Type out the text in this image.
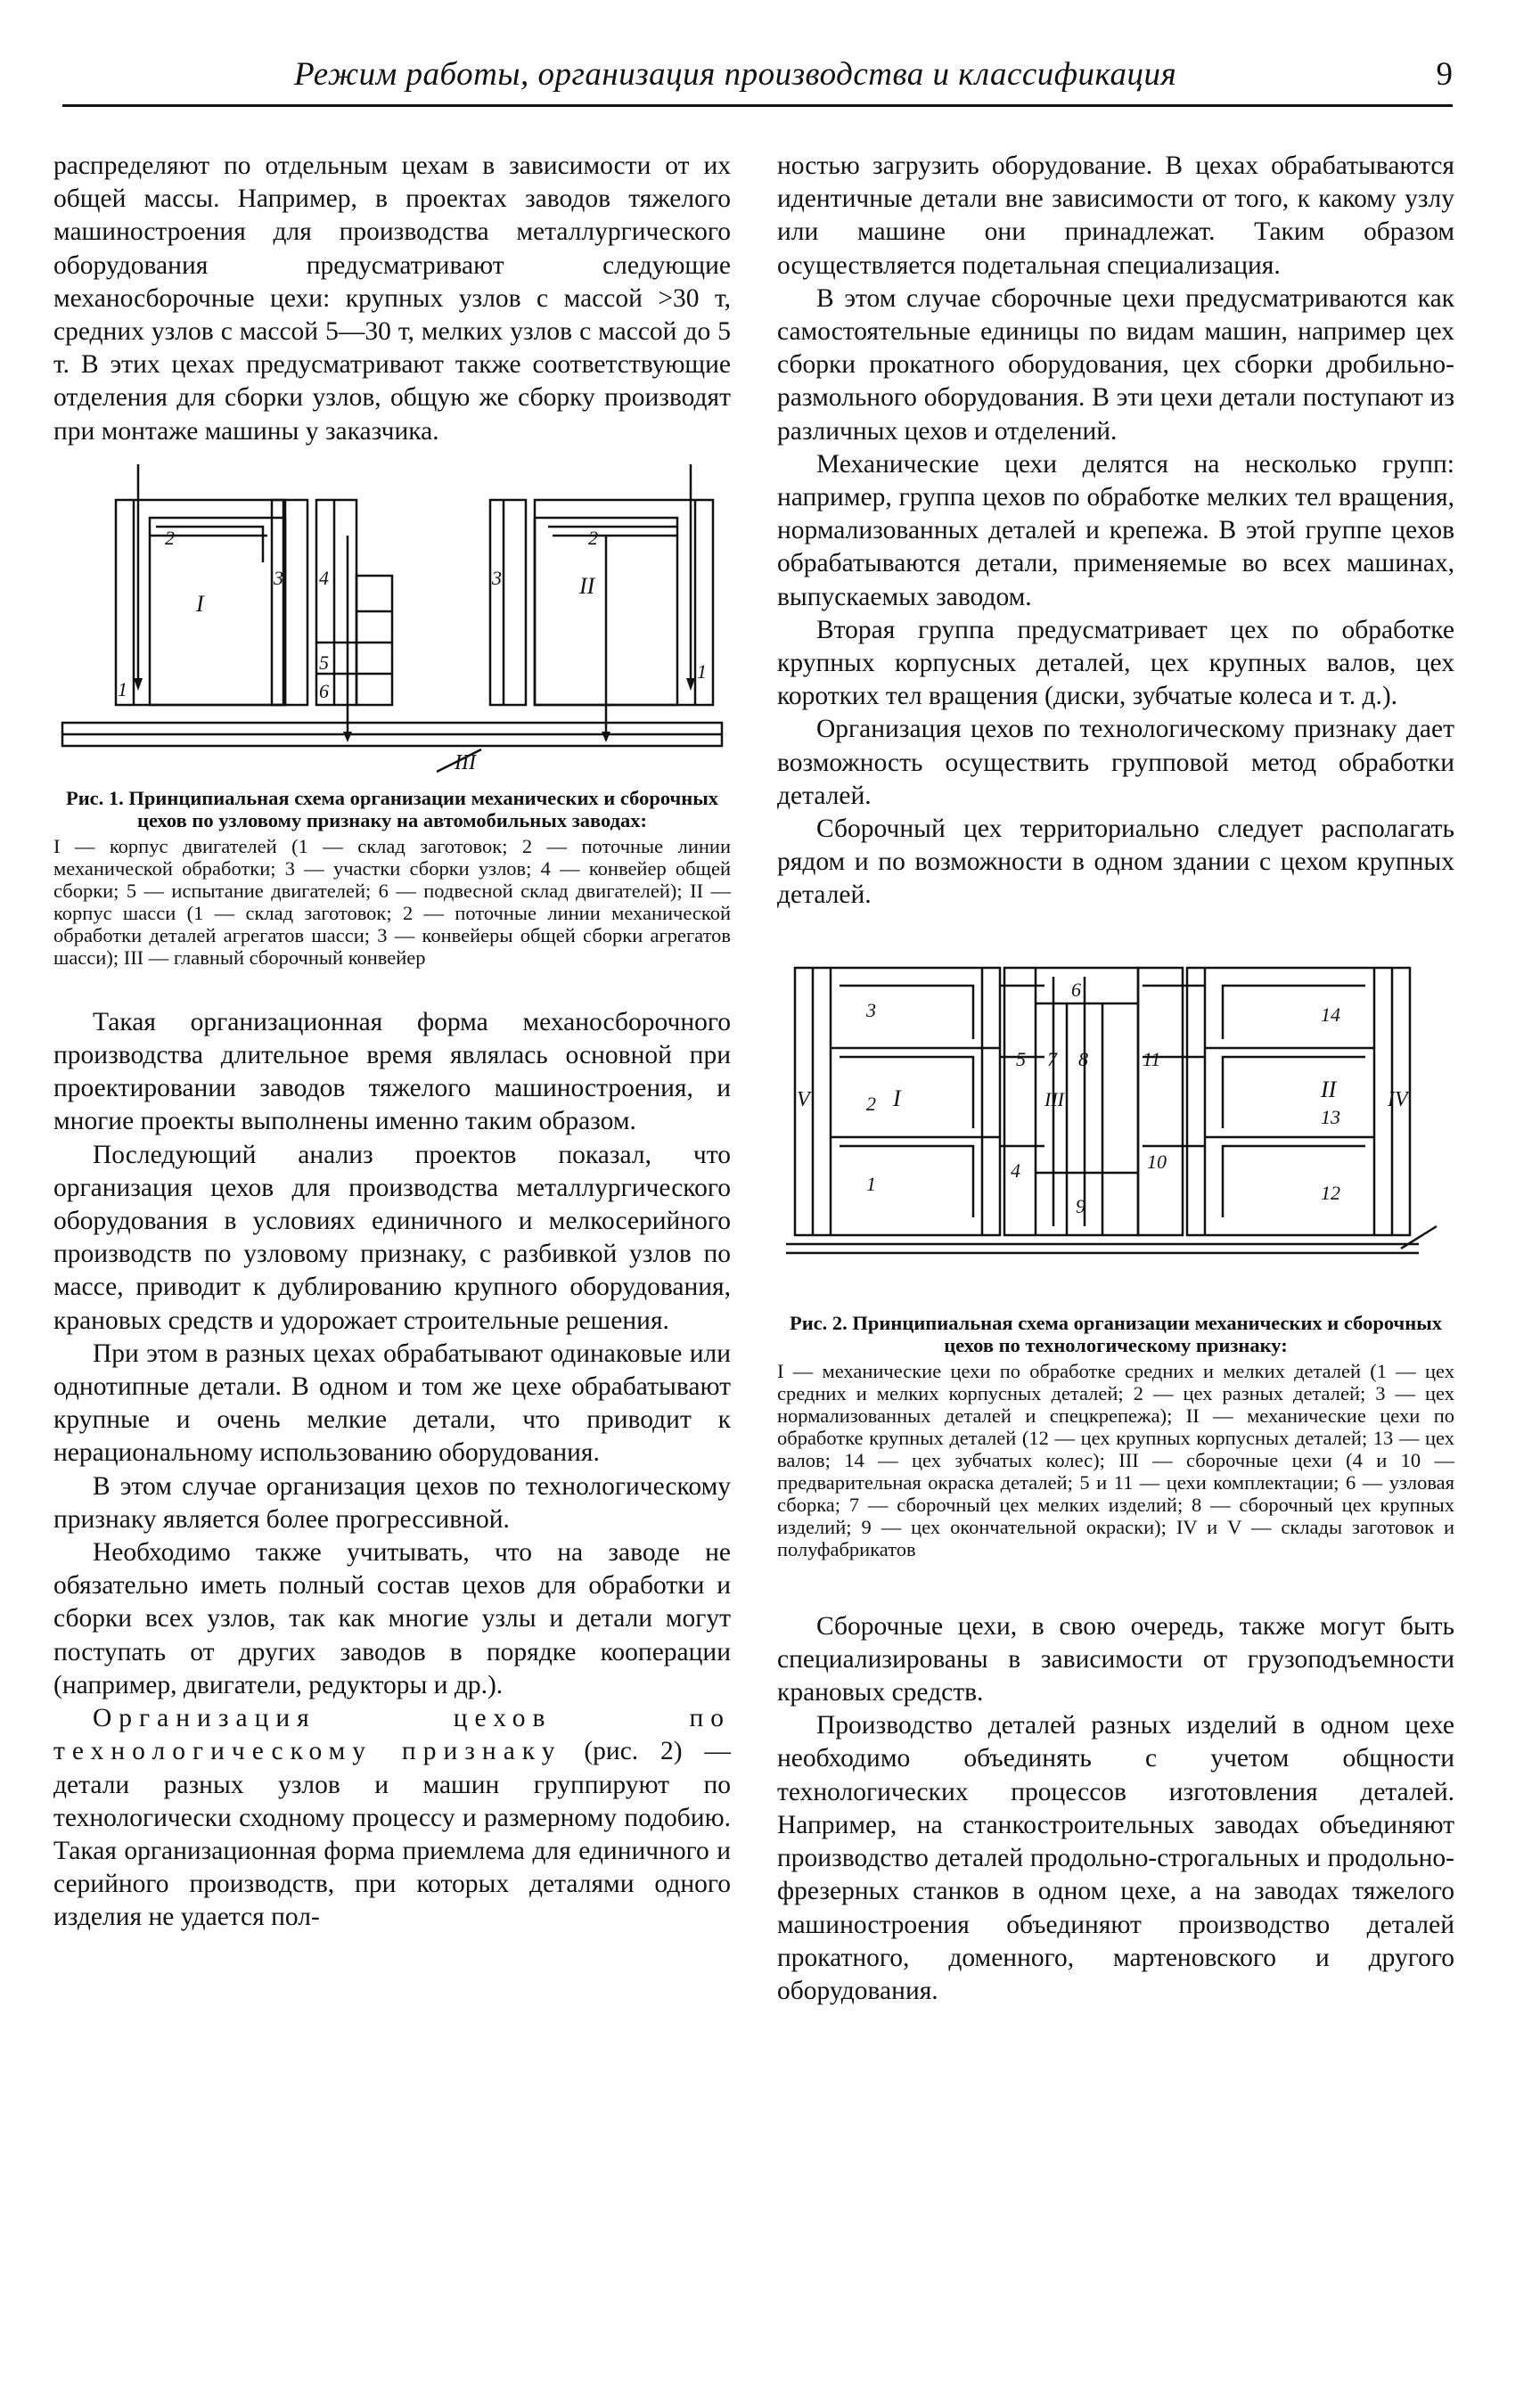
Режим работы, организация производства и классификация	9

распределяют по отдельным цехам в зависимости от их общей массы. Например, в проектах заводов тяжелого машиностроения для производства металлургического оборудования предусматривают следующие механосборочные цехи: крупных узлов с массой >30 т, средних узлов с массой 5—30 т, мелких узлов с массой до 5 т. В этих цехах предусматривают также соответствующие отделения для сборки узлов, общую же сборку производят при монтаже машины у заказчика.

2
3 4
I
5
6
1
3
2
II
1
III
Рис. 1. Принципиальная схема организации механических и сборочных цехов по узловому признаку на автомобильных заводах:
I — корпус двигателей (1 — склад заготовок; 2 — поточные линии механической обработки; 3 — участки сборки узлов; 4 — конвейер общей сборки; 5 — испытание двигателей; 6 — подвесной склад двигателей); II — корпус шасси (1 — склад заготовок; 2 — поточные линии механической обработки деталей агрегатов шасси; 3 — конвейеры общей сборки агрегатов шасси); III — главный сборочный конвейер

Такая организационная форма механосборочного производства длительное время являлась основной при проектировании заводов тяжелого машиностроения, и многие проекты выполнены именно таким образом.

Последующий анализ проектов показал, что организация цехов для производства металлургического оборудования в условиях единичного и мелкосерийного производств по узловому признаку, с разбивкой узлов по массе, приводит к дублированию крупного оборудования, крановых средств и удорожает строительные решения.

При этом в разных цехах обрабатывают одинаковые или однотипные детали. В одном и том же цехе обрабатывают крупные и очень мелкие детали, что приводит к нерациональному использованию оборудования.

В этом случае организация цехов по технологическому признаку является более прогрессивной.

Необходимо также учитывать, что на заводе не обязательно иметь полный состав цехов для обработки и сборки всех узлов, так как многие узлы и детали могут поступать от других заводов в порядке кооперации (например, двигатели, редукторы и др.).

Организация цехов по технологическому признаку (рис. 2) — детали разных узлов и машин группируют по технологически сходному процессу и размерному подобию. Такая организационная форма приемлема для единичного и серийного производств, при которых деталями одного изделия не удается пол-

ностью загрузить оборудование. В цехах обрабатываются идентичные детали вне зависимости от того, к какому узлу или машине они принадлежат. Таким образом осуществляется подетальная специализация.

В этом случае сборочные цехи предусматриваются как самостоятельные единицы по видам машин, например цех сборки прокатного оборудования, цех сборки дробильно-размольного оборудования. В эти цехи детали поступают из различных цехов и отделений.

Механические цехи делятся на несколько групп: например, группа цехов по обработке мелких тел вращения, нормализованных деталей и крепежа. В этой группе цехов обрабатываются детали, применяемые во всех машинах, выпускаемых заводом.

Вторая группа предусматривает цех по обработке крупных корпусных деталей, цех крупных валов, цех коротких тел вращения (диски, зубчатые колеса и т. д.).

Организация цехов по технологическому признаку дает возможность осуществить групповой метод обработки деталей.

Сборочный цех территориально следует располагать рядом и по возможности в одном здании с цехом крупных деталей.

3
V	I
2
1
6
5 7 8
III
11
4	10
9
14
II
13
12
IV
Рис. 2. Принципиальная схема организации механических и сборочных цехов по технологическому признаку:
I — механические цехи по обработке средних и мелких деталей (1 — цех средних и мелких корпусных деталей; 2 — цех разных деталей; 3 — цех нормализованных деталей и спецкрепежа); II — механические цехи по обработке крупных деталей (12 — цех крупных корпусных деталей; 13 — цех валов; 14 — цех зубчатых колес); III — сборочные цехи (4 и 10 — предварительная окраска деталей; 5 и 11 — цехи комплектации; 6 — узловая сборка; 7 — сборочный цех мелких изделий; 8 — сборочный цех крупных изделий; 9 — цех окончательной окраски); IV и V — склады заготовок и полуфабрикатов

Сборочные цехи, в свою очередь, также могут быть специализированы в зависимости от грузоподъемности крановых средств.

Производство деталей разных изделий в одном цехе необходимо объединять с учетом общности технологических процессов изготовления деталей. Например, на станкостроительных заводах объединяют производство деталей продольно-строгальных и продольно-фрезерных станков в одном цехе, а на заводах тяжелого машиностроения объединяют производство деталей прокатного, доменного, мартеновского и другого оборудования.
